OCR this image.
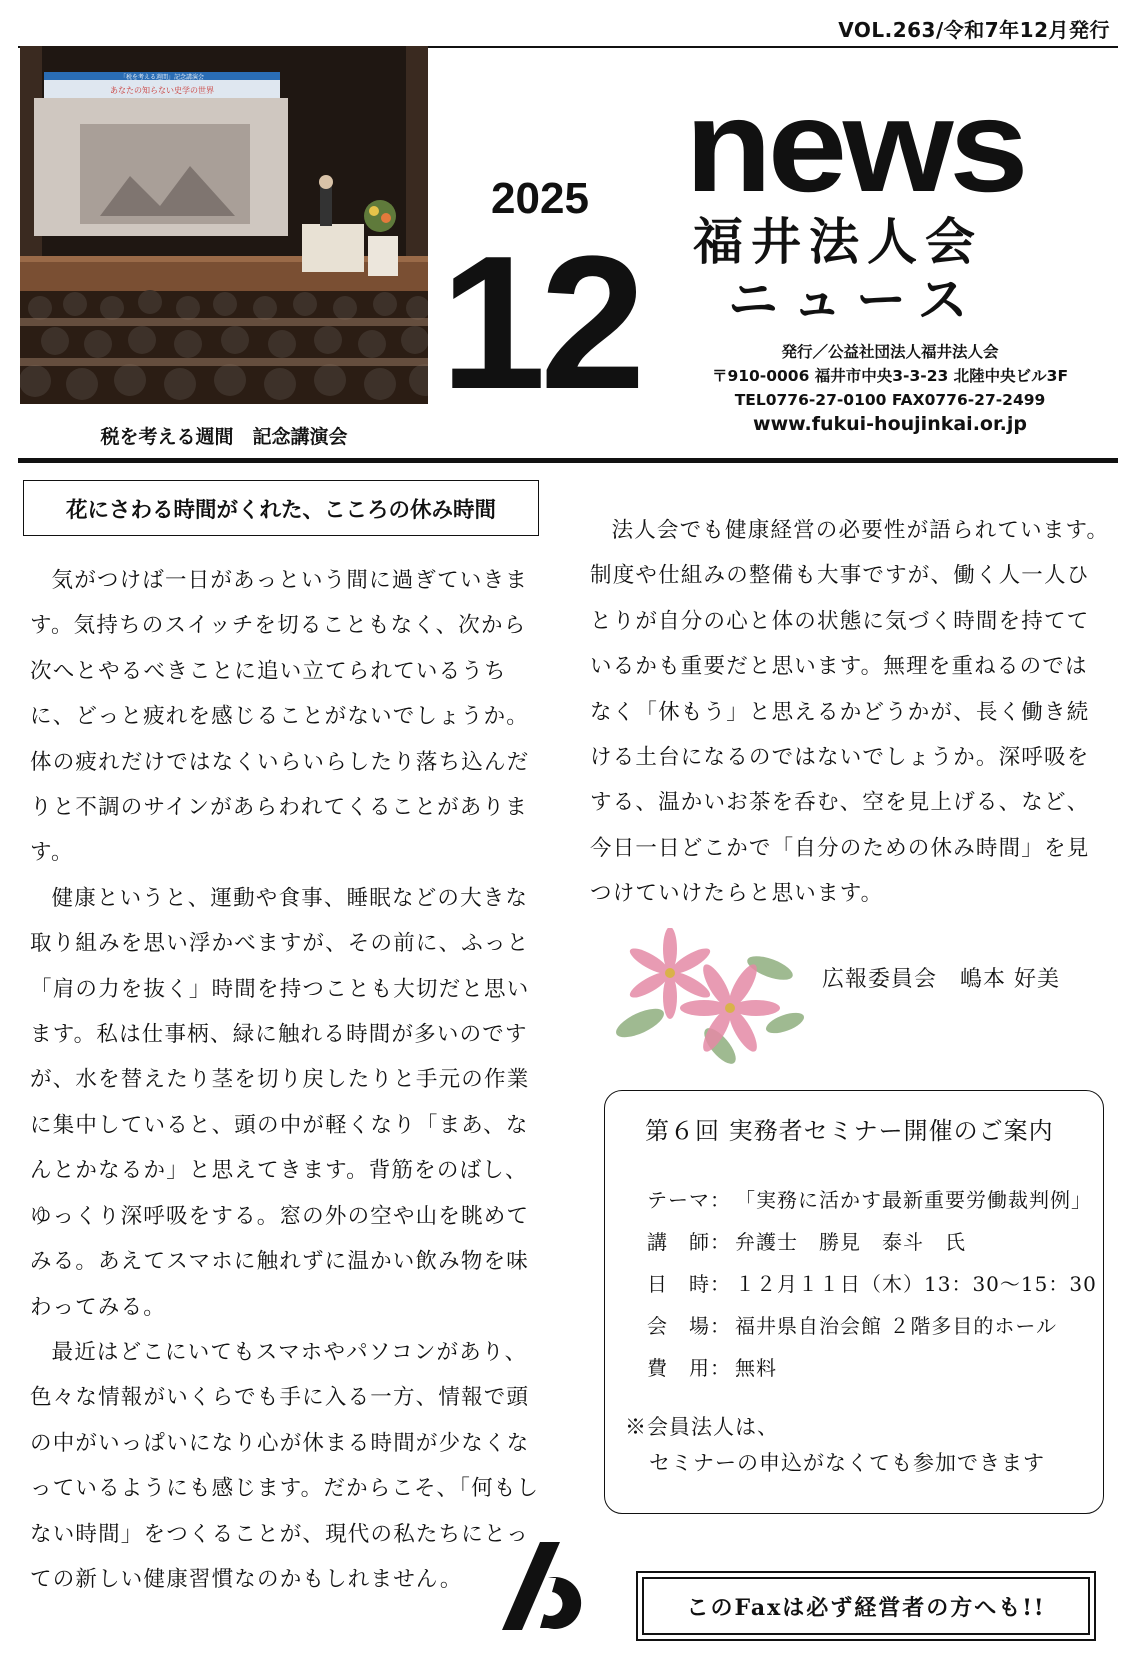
VOL.263/令和7年12月発行
「税を考える週間」記念講演会
あなたの知らない史学の世界
税を考える週間　記念講演会
2025
12
news
福井法人会
ニュース
発行／公益社団法人福井法人会
〒910-0006 福井市中央3-3-23 北陸中央ビル3F
TEL0776-27-0100 FAX0776-27-2499
www.fukui-houjinkai.or.jp
花にさわる時間がくれた、こころの休み時間

気がつけば一日があっという間に過ぎていきます。気持ちのスイッチを切ることもなく、次から次へとやるべきことに追い立てられているうちに、どっと疲れを感じることがないでしょうか。体の疲れだけではなくいらいらしたり落ち込んだりと不調のサインがあらわれてくることがあります。

健康というと、運動や食事、睡眠などの大きな取り組みを思い浮かべますが、その前に、ふっと「肩の力を抜く」時間を持つことも大切だと思います。私は仕事柄、緑に触れる時間が多いのですが、水を替えたり茎を切り戻したりと手元の作業に集中していると、頭の中が軽くなり「まあ、なんとかなるか」と思えてきます。背筋をのばし、ゆっくり深呼吸をする。窓の外の空や山を眺めてみる。あえてスマホに触れずに温かい飲み物を味わってみる。

最近はどこにいてもスマホやパソコンがあり、色々な情報がいくらでも手に入る一方、情報で頭の中がいっぱいになり心が休まる時間が少なくなっているようにも感じます。だからこそ、「何もしない時間」をつくることが、現代の私たちにとっての新しい健康習慣なのかもしれません。

法人会でも健康経営の必要性が語られています。制度や仕組みの整備も大事ですが、働く人一人ひとりが自分の心と体の状態に気づく時間を持てているかも重要だと思います。無理を重ねるのではなく「休もう」と思えるかどうかが、長く働き続ける土台になるのではないでしょうか。深呼吸をする、温かいお茶を呑む、空を見上げる、など、今日一日どこかで「自分のための休み時間」を見つけていけたらと思います。

広報委員会　嶋本 好美
第６回 実務者セミナー開催のご案内
テーマ： 「実務に活かす最新重要労働裁判例」
講　師： 弁護士　勝見　泰斗　氏
日　時： １２月１１日（木）13：30〜15：30
会　場： 福井県自治会館 ２階多目的ホール
費　用： 無料
※会員法人は、
セミナーの申込がなくても参加できます
このFaxは必ず経営者の方へも!!
